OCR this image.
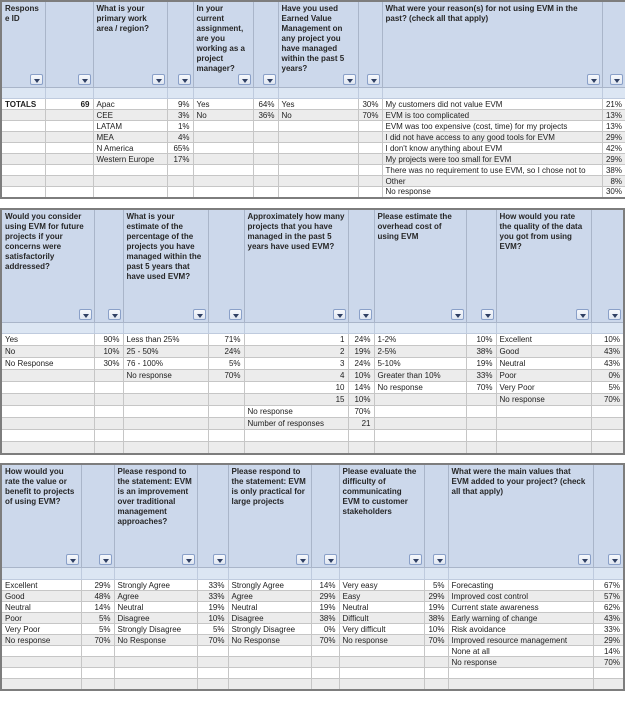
Response ID		What is your primary work area / region?		In your current assignment, are you working as a project manager?		Have you used Earned Value Management on any project you have managed within the past 5 years?		What were your reason(s) for not using EVM in the past? (check all that apply)

TOTALS	69	Apac	9%	Yes	64%	Yes	30%	My customers did not value EVM	21%
		CEE	3%	No	36%	No	70%	EVM is too complicated	13%
		LATAM	1%					EVM was too expensive (cost, time) for my projects	13%
		MEA	4%					I did not have access to any good tools for EVM	29%
		N America	65%					I don't know anything about EVM	42%
		Western Europe	17%					My projects were too small for EVM	29%
								There was no requirement to use EVM, so I chose not to	38%
								Other	8%
								No response	30%
Would you consider using EVM for future projects if your concerns were satisfactorily addressed?		What is your estimate of the percentage of the projects you have managed within the past 5 years that have used EVM?		Approximately how many projects that you have managed in the past 5 years have used EVM?		Please estimate the overhead cost of using EVM		How would you rate the quality of the data you got from using EVM?

Yes	90%	Less than 25%	71%	1	24%	1-2%	10%	Excellent	10%
No	10%	25 - 50%	24%	2	19%	2-5%	38%	Good	43%
No Response	30%	76 - 100%	5%	3	24%	5-10%	19%	Neutral	43%
		No response	70%	4	10%	Greater than 10%	33%	Poor	0%
				10	14%	No response	70%	Very Poor	5%
				15	10%			No response	70%
				No response	70%				
				Number of responses	21				

How would you rate the value or benefit to projects of using EVM?		Please respond to the statement: EVM is an improvement over traditional management approaches?		Please respond to the statement: EVM is only practical for large projects		Please evaluate the difficulty of communicating EVM to customer stakeholders		What were the main values that EVM added to your project? (check all that apply)

Excellent	29%	Strongly Agree	33%	Strongly Agree	14%	Very easy	5%	Forecasting	67%
Good	48%	Agree	33%	Agree	29%	Easy	29%	Improved cost control	57%
Neutral	14%	Neutral	19%	Neutral	19%	Neutral	19%	Current state awareness	62%
Poor	5%	Disagree	10%	Disagree	38%	Difficult	38%	Early warning of change	43%
Very Poor	5%	Strongly Disagree	5%	Strongly Disagree	0%	Very difficult	10%	Risk avoidance	33%
No response	70%	No Response	70%	No Response	70%	No response	70%	Improved resource management	29%
								None at all	14%
								No response	70%
